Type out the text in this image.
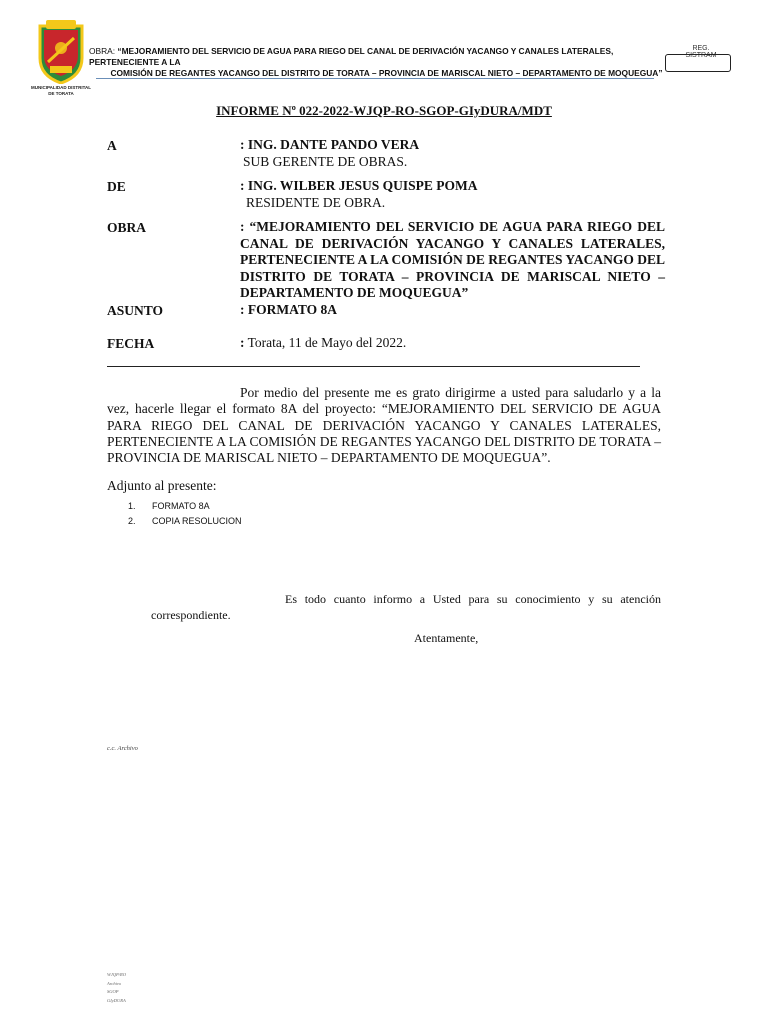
MUNICIPALIDAD DISTRITAL
DE TORATA
OBRA: “MEJORAMIENTO DEL SERVICIO DE AGUA PARA RIEGO DEL CANAL DE DERIVACIÓN YACANGO Y CANALES LATERALES, PERTENECIENTE A LA
COMISIÓN DE REGANTES YACANGO DEL DISTRITO DE TORATA – PROVINCIA DE MARISCAL NIETO – DEPARTAMENTO DE MOQUEGUA”
REG. SISTRAM
INFORME Nº 022-2022-WJQP-RO-SGOP-GIyDURA/MDT
A	: ING. DANTE PANDO VERA
SUB GERENTE DE OBRAS.
DE	: ING. WILBER JESUS QUISPE POMA
RESIDENTE DE OBRA.
OBRA	: “MEJORAMIENTO DEL SERVICIO DE AGUA PARA RIEGO DEL CANAL DE DERIVACIÓN YACANGO Y CANALES LATERALES, PERTENECIENTE A LA COMISIÓN DE REGANTES YACANGO DEL DISTRITO DE TORATA – PROVINCIA DE MARISCAL NIETO – DEPARTAMENTO DE MOQUEGUA”
ASUNTO	: FORMATO 8A
FECHA	: Torata, 11 de Mayo del 2022.

Por medio del presente me es grato dirigirme a usted para saludarlo y a la vez, hacerle llegar el formato 8A del proyecto: “MEJORAMIENTO DEL SERVICIO DE AGUA PARA RIEGO DEL CANAL DE DERIVACIÓN YACANGO Y CANALES LATERALES, PERTENECIENTE A LA COMISIÓN DE REGANTES YACANGO DEL DISTRITO DE TORATA – PROVINCIA DE MARISCAL NIETO – DEPARTAMENTO DE MOQUEGUA”.

Adjunto al presente:
1. FORMATO 8A
2. COPIA RESOLUCION

Es todo cuanto informo a Usted para su conocimiento y su atención correspondiente.

Atentamente,
c.c. Archivo
WJQP/RO
Archivo
SGOP
GIyDURA
